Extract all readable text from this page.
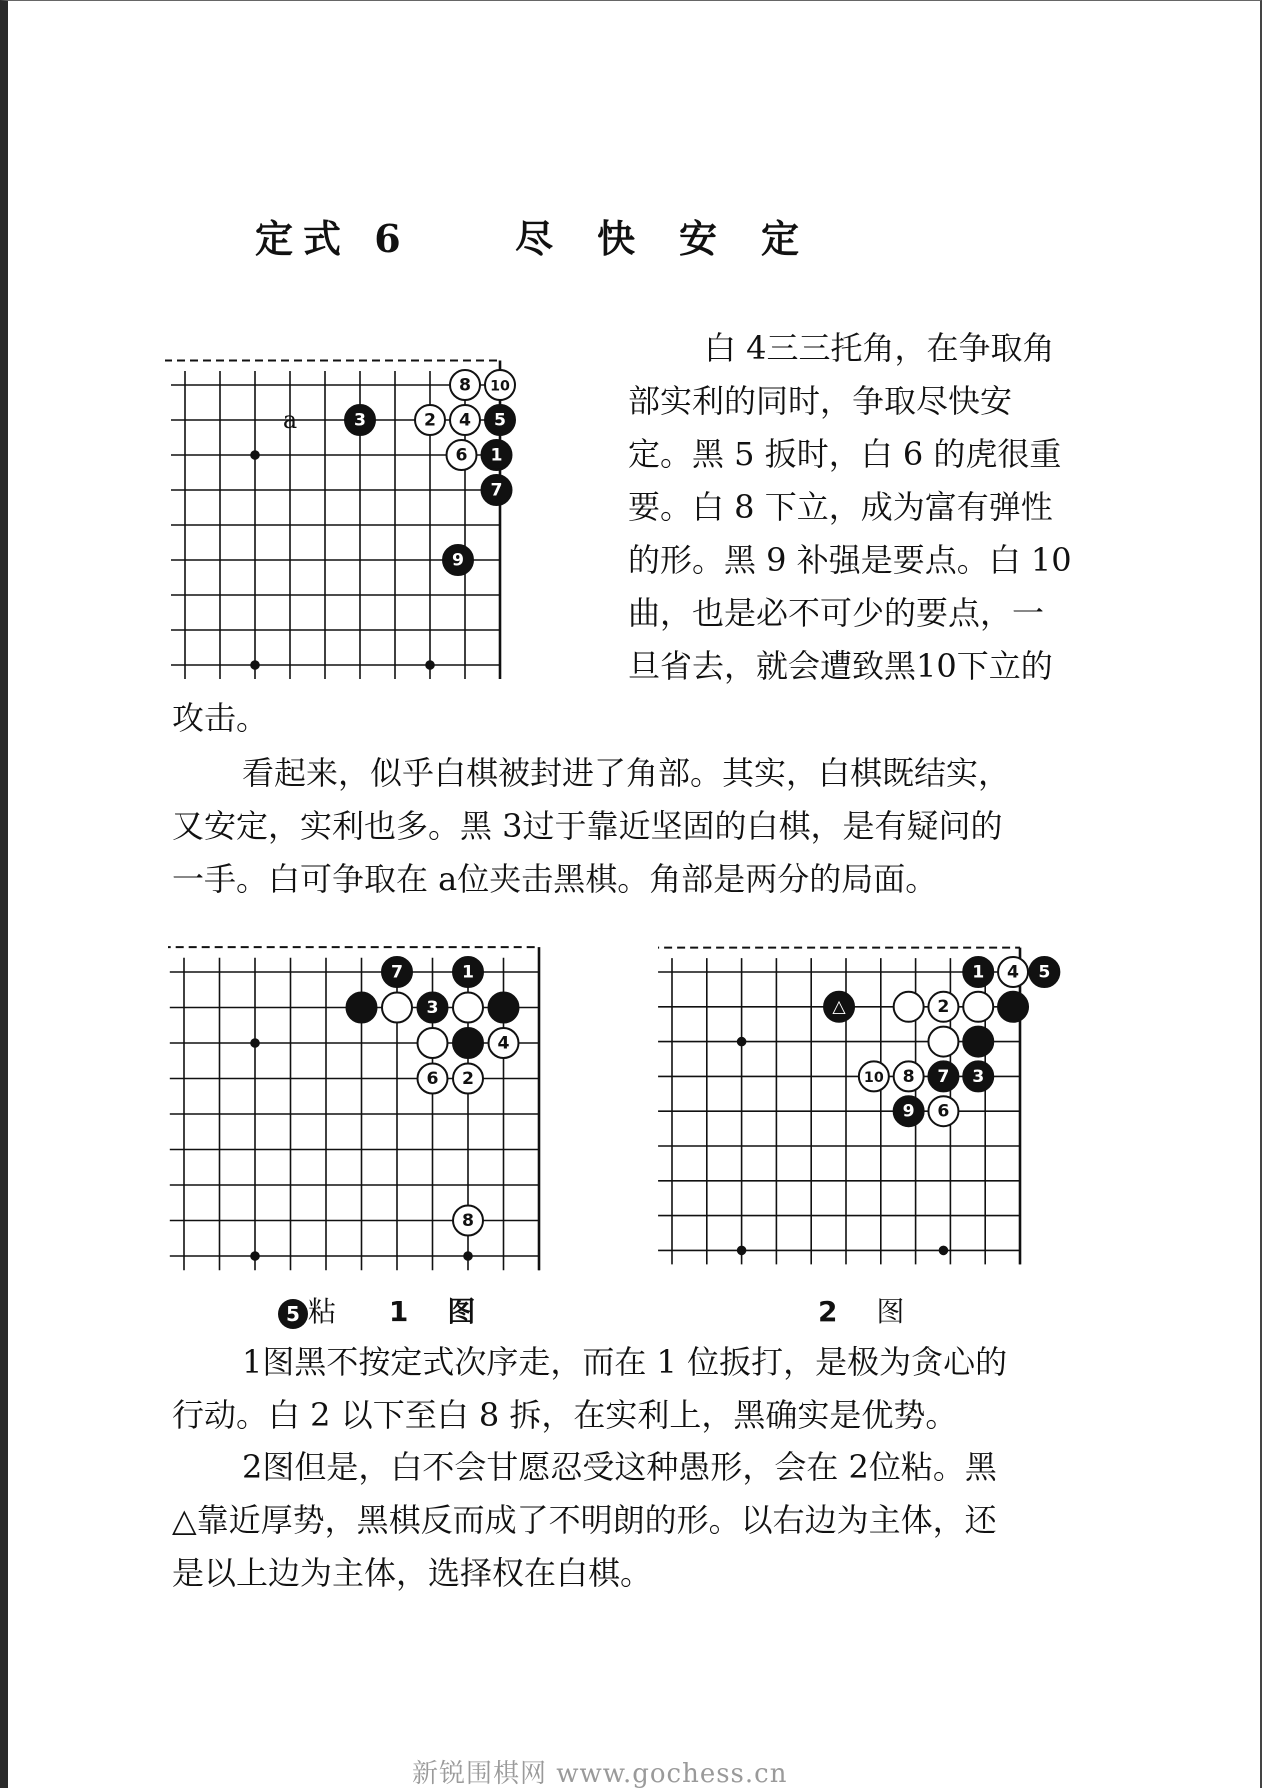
定式 6	尽快安定
3	2
8 10
4 5
6 1
7
9
a
白 4三三托角，在争取角
部实利的同时，争取尽快安
定。黑 5 扳时，白 6 的虎很重
要。白 8 下立，成为富有弹性
的形。黑 9 补强是要点。白 10
曲，也是必不可少的要点，一
旦省去，就会遭致黑10下立的
攻击。
看起来，似乎白棋被封进了角部。其实，白棋既结实，
又安定，实利也多。黑 3过于靠近坚固的白棋，是有疑问的
一手。白可争取在 a位夹击黑棋。角部是两分的局面。
7	1
3
4
6 2
8
1 4 5
△	2
10 8 7 3
9 6
5 粘 1 图	2 图
1图黑不按定式次序走，而在 1 位扳打，是极为贪心的
行动。白 2 以下至白 8 拆，在实利上，黑确实是优势。
2图但是，白不会甘愿忍受这种愚形，会在 2位粘。黑
△靠近厚势，黑棋反而成了不明朗的形。以右边为主体，还
是以上边为主体，选择权在白棋。
新锐围棋网 www.gochess.cn
